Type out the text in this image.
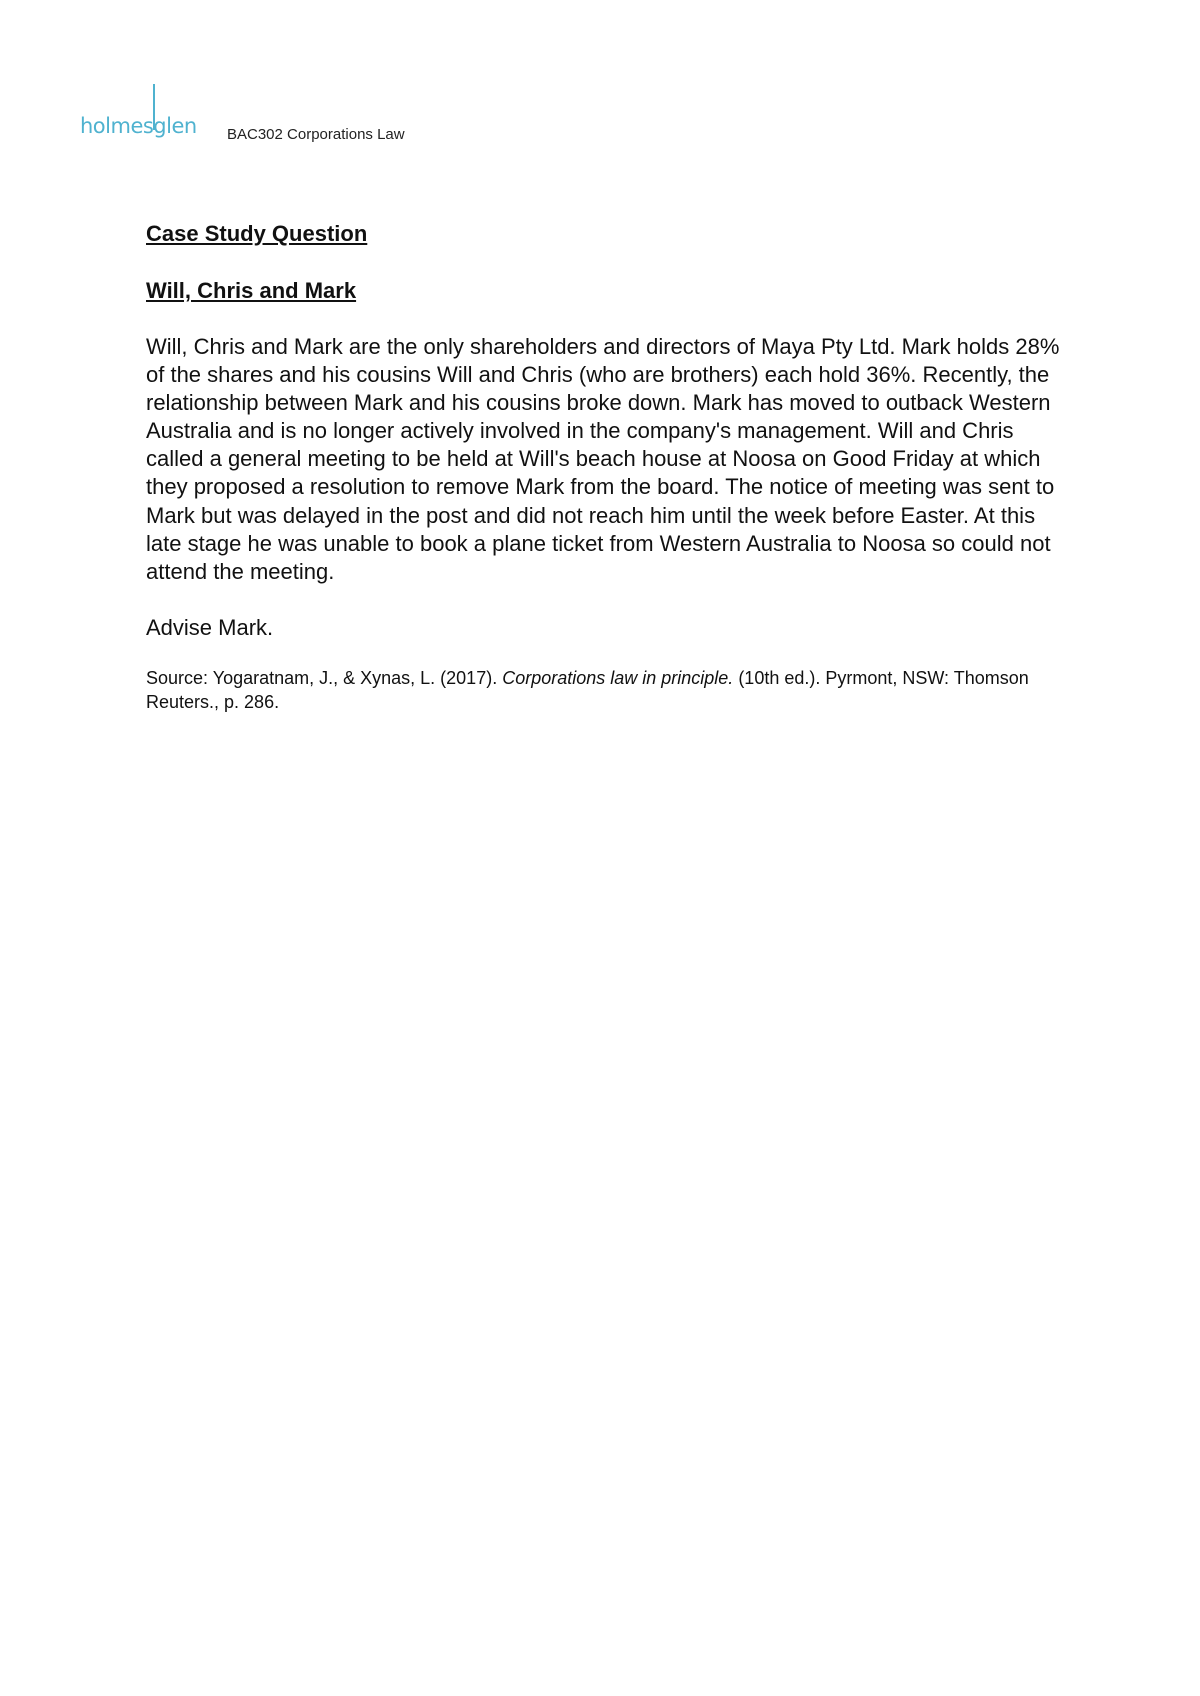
holmesglen BAC302 Corporations Law
Case Study Question
Will, Chris and Mark

Will, Chris and Mark are the only shareholders and directors of Maya Pty Ltd. Mark holds 28% of the shares and his cousins Will and Chris (who are brothers) each hold 36%. Recently, the relationship between Mark and his cousins broke down. Mark has moved to outback Western Australia and is no longer actively involved in the company's management. Will and Chris called a general meeting to be held at Will's beach house at Noosa on Good Friday at which they proposed a resolution to remove Mark from the board. The notice of meeting was sent to Mark but was delayed in the post and did not reach him until the week before Easter. At this late stage he was unable to book a plane ticket from Western Australia to Noosa so could not attend the meeting.

Advise Mark.

Source: Yogaratnam, J., & Xynas, L. (2017). Corporations law in principle. (10th ed.). Pyrmont, NSW: Thomson Reuters., p. 286.
